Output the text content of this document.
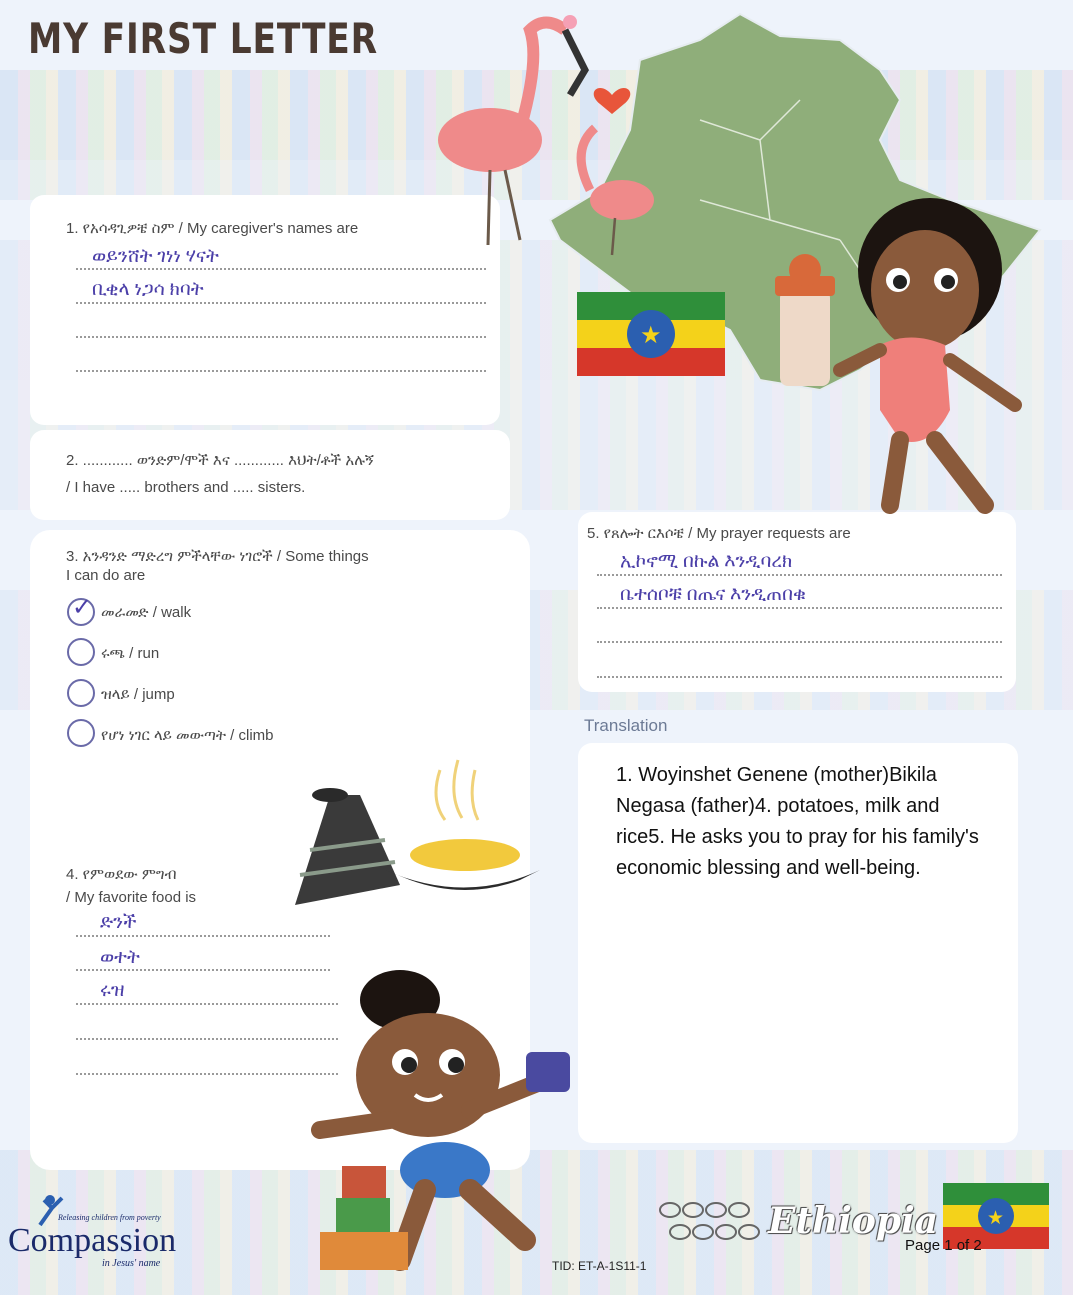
MY FIRST LETTER
★
★
1. የአሳዳጊዎቼ ስም / My caregiver's names are
ወይንሸት ገነነ ሃናት
ቢቂላ ነጋሳ ክባት
2. ............ ወንድም/ሞች እና ............ እህት/ቶች አሉኝ
/ I have ..... brothers and ..... sisters.
3. አንዳንድ ማድረግ ምችላቸው ነገሮች / Some things
I can do are
✓ መራመድ / walk
ሩጫ / run
ዝላይ / jump
የሆነ ነገር ላይ መውጣት / climb
4. የምወደው ምግብ
/ My favorite food is
ድንች
ወተት
ሩዝ
5. የጸሎት ርእሶቼ / My prayer requests are
ኢኮኖሚ በኩል እንዲባረክ
ቤተሰቦቹ በጤና እንዲጠበቁ
Translation
1. Woyinshet Genene (mother)Bikila Negasa (father)4. potatoes, milk and rice5. He asks you to pray for his family's economic blessing and well-being.
Releasing children from poverty
Compassion
in Jesus' name
Ethiopia
Page 1 of 2
TID: ET-A-1S11-1
